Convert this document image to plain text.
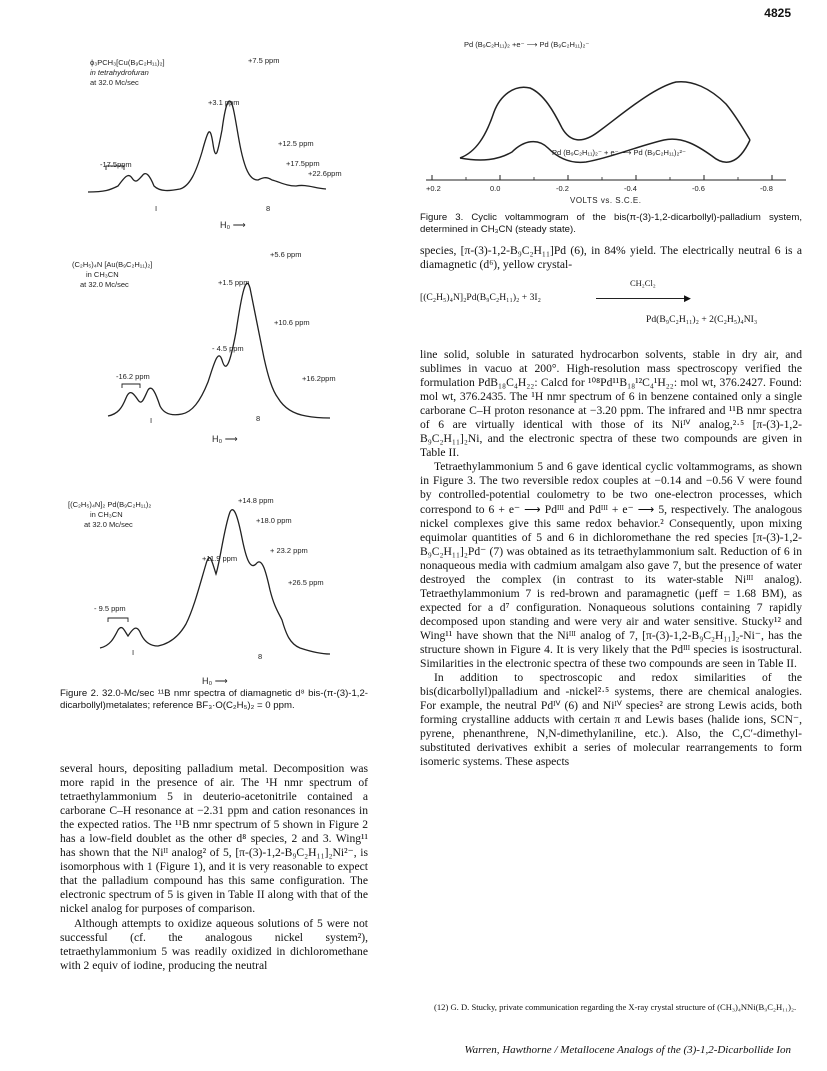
4825
ϕ₃PCH₃[Cu(B₉C₂H₁₁)₂]
in tetrahydrofuran
at 32.0 Mc/sec
+7.5 ppm
+3.1 ppm
+12.5 ppm
+17.5ppm
+22.6ppm
-17.5ppm
I	8
H₀ ⟶
(C₂H₅)₄N [Au(B₉C₂H₁₁)₂]
in CH₃CN
at 32.0 Mc/sec
+5.6 ppm
+1.5 ppm
+10.6 ppm
- 4.5 ppm
-16.2 ppm	+16.2ppm
I	8
H₀ ⟶
[(C₂H₅)₄N]₂ Pd(B₉C₂H₁₁)₂
in CH₃CN
at 32.0 Mc/sec
+14.8 ppm
+18.0 ppm
+11.9 ppm
+ 23.2 ppm
+26.5 ppm
- 9.5 ppm
I	8
H₀ ⟶
Figure 2. 32.0-Mc/sec ¹¹B nmr spectra of diamagnetic d⁸ bis-(π-(3)-1,2-dicarbollyl)metalates; reference BF₃·O(C₂H₅)₂ = 0 ppm.

several hours, depositing palladium metal. Decomposition was more rapid in the presence of air. The ¹H nmr spectrum of tetraethylammonium 5 in deuterio-acetonitrile contained a carborane C–H resonance at −2.31 ppm and cation resonances in the expected ratios. The ¹¹B nmr spectrum of 5 shown in Figure 2 has a low-field doublet as the other d⁸ species, 2 and 3. Wing¹¹ has shown that the Niᴵᴵ analog² of 5, [π-(3)-1,2-B₉C₂H₁₁]₂Ni²⁻, is isomorphous with 1 (Figure 1), and it is very reasonable to expect that the palladium compound has this same configuration. The electronic spectrum of 5 is given in Table II along with that of the nickel analog for purposes of comparison.

Although attempts to oxidize aqueous solutions of 5 were not successful (cf. the analogous nickel system²), tetraethylammonium 5 was readily oxidized in dichloromethane with 2 equiv of iodine, producing the neutral

Pd (B₉C₂H₁₁)₂ +e⁻ ⟶ Pd (B₉C₂H₁₁)₂⁻
Pd (B₉C₂H₁₁)₂⁻ + e⁻ ⟶ Pd (B₉C₂H₁₁)₂²⁻
+0.2	0.0	-0.2	-0.4	-0.6	-0.8
VOLTS vs. S.C.E.
Figure 3. Cyclic voltammogram of the bis(π-(3)-1,2-dicarbollyl)-palladium system, determined in CH₃CN (steady state).

species, [π-(3)-1,2-B₉C₂H₁₁]Pd (6), in 84% yield. The electrically neutral 6 is a diamagnetic (d⁶), yellow crystal-

[(C₂H₅)₄N]₂Pd(B₉C₂H₁₁)₂ + 3I₂
CH₂Cl₂
▶
Pd(B₉C₂H₁₁)₂ + 2(C₂H₅)₄NI₃

line solid, soluble in saturated hydrocarbon solvents, stable in dry air, and sublimes in vacuo at 200°. High-resolution mass spectroscopy verified the formulation PdB₁₈C₄H₂₂: Calcd for ¹⁰⁸Pd¹¹B₁₈¹²C₄¹H₂₂: mol wt, 376.2427. Found: mol wt, 376.2435. The ¹H nmr spectrum of 6 in benzene contained only a single carborane C–H proton resonance at −3.20 ppm. The infrared and ¹¹B nmr spectra of 6 are virtually identical with those of its Niᴵⱽ analog,²·⁵ [π-(3)-1,2-B₉C₂H₁₁]₂Ni, and the electronic spectra of these two compounds are given in Table II.

Tetraethylammonium 5 and 6 gave identical cyclic voltammograms, as shown in Figure 3. The two reversible redox couples at −0.14 and −0.56 V were found by controlled-potential coulometry to be two one-electron processes, which correspond to 6 + e⁻ ⟶ Pdᴵᴵᴵ and Pdᴵᴵᴵ + e⁻ ⟶ 5, respectively. The analogous nickel complexes give this same redox behavior.² Consequently, upon mixing equimolar quantities of 5 and 6 in dichloromethane the red species [π-(3)-1,2-B₉C₂H₁₁]₂Pd⁻ (7) was obtained as its tetraethylammonium salt. Reduction of 6 in nonaqueous media with cadmium amalgam also gave 7, but the presence of water destroyed the complex (in contrast to its water-stable Niᴵᴵᴵ analog). Tetraethylammonium 7 is red-brown and paramagnetic (μeff = 1.68 BM), as expected for a d⁷ configuration. Nonaqueous solutions containing 7 rapidly decomposed upon standing and were very air and water sensitive. Stucky¹² and Wing¹¹ have shown that the Niᴵᴵᴵ analog of 7, [π-(3)-1,2-B₉C₂H₁₁]₂-Ni⁻, has the structure shown in Figure 4. It is very likely that the Pdᴵᴵᴵ species is isostructural. Similarities in the electronic spectra of these two compounds are seen in Table II.

In addition to spectroscopic and redox similarities of the bis(dicarbollyl)palladium and -nickel²·⁵ systems, there are chemical analogies. For example, the neutral Pdᴵⱽ (6) and Niᴵⱽ species² are strong Lewis acids, both forming crystalline adducts with certain π and Lewis bases (halide ions, SCN⁻, pyrene, phenanthrene, N,N-dimethylaniline, etc.). Also, the C,C′-dimethyl-substituted derivatives exhibit a series of molecular rearrangements to form isomeric systems. These aspects

(12) G. D. Stucky, private communication regarding the X-ray crystal structure of (CH₃)₄NNi(B₉C₂H₁₁)₂.
Warren, Hawthorne / Metallocene Analogs of the (3)-1,2-Dicarbollide Ion
